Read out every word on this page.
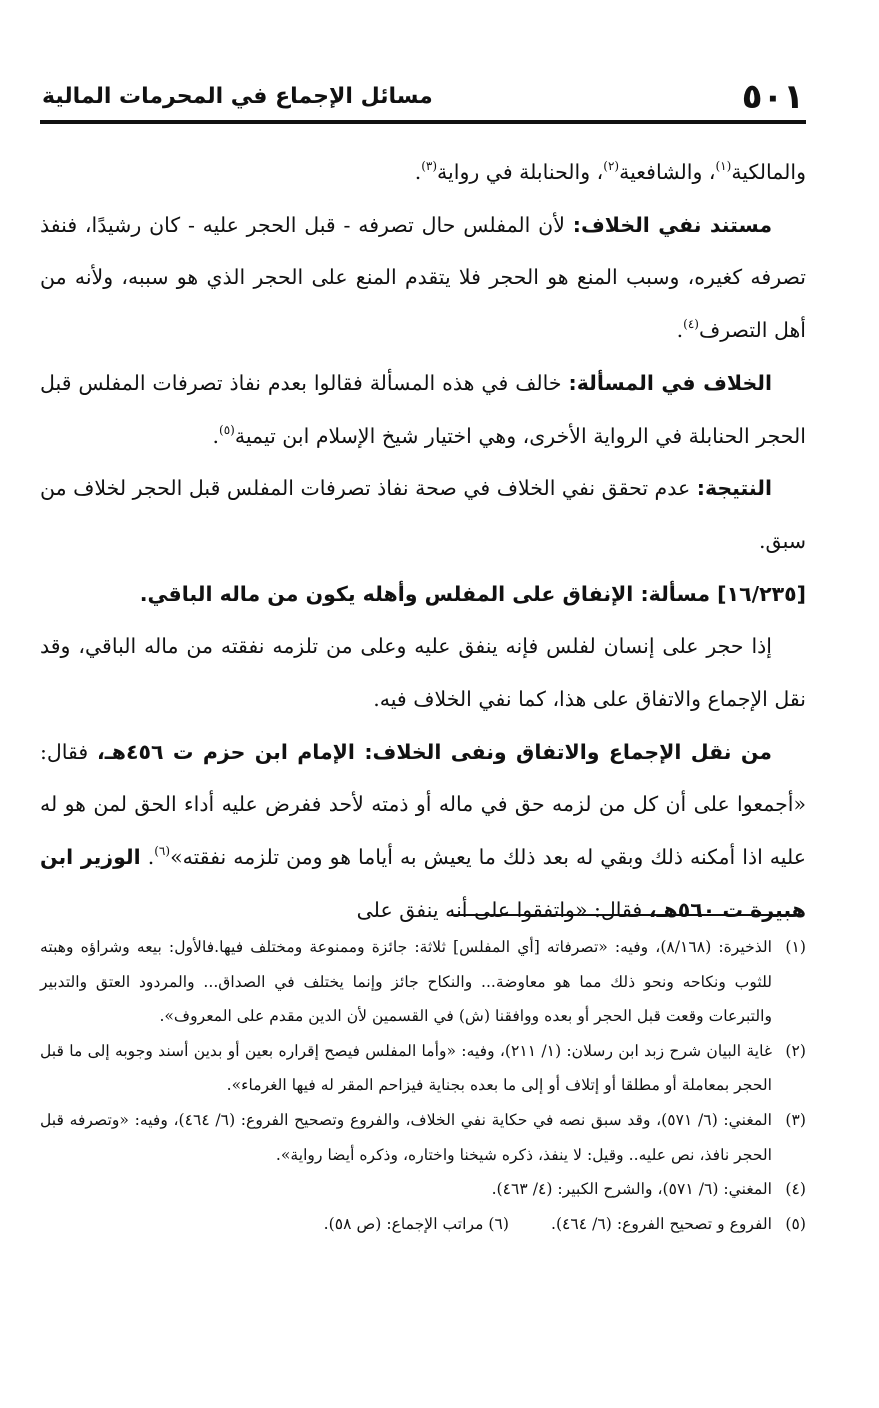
٥٠١
مسائل الإجماع في المحرمات المالية

والمالكية$^{(١)}$، والشافعية$^{(٢)}$، والحنابلة في رواية$^{(٣)}$.

مستند نفي الخلاف: لأن المفلس حال تصرفه - قبل الحجر عليه - كان رشيدًا، فنفذ تصرفه كغيره، وسبب المنع هو الحجر فلا يتقدم المنع على الحجر الذي هو سببه، ولأنه من أهل التصرف$^{(٤)}$.

الخلاف في المسألة: خالف في هذه المسألة فقالوا بعدم نفاذ تصرفات المفلس قبل الحجر الحنابلة في الرواية الأخرى، وهي اختيار شيخ الإسلام ابن تيمية$^{(٥)}$.

النتيجة: عدم تحقق نفي الخلاف في صحة نفاذ تصرفات المفلس قبل الحجر لخلاف من سبق.

[١٦/٢٣٥] مسألة: الإنفاق على المفلس وأهله يكون من ماله الباقي.

إذا حجر على إنسان لفلس فإنه ينفق عليه وعلى من تلزمه نفقته من ماله الباقي، وقد نقل الإجماع والاتفاق على هذا، كما نفي الخلاف فيه.

من نقل الإجماع والاتفاق ونفى الخلاف: الإمام ابن حزم ت ٤٥٦هـ، فقال: «أجمعوا على أن كل من لزمه حق في ماله أو ذمته لأحد ففرض عليه أداء الحق لمن هو له عليه اذا أمكنه ذلك وبقي له بعد ذلك ما يعيش به أياما هو ومن تلزمه نفقته»$^{(٦)}$. الوزير ابن هبيرة ت ٥٦٠هـ، فقال: «واتفقوا على أنه ينفق على

(١)
الذخيرة: (٨/١٦٨)، وفيه: «تصرفاته [أي المفلس] ثلاثة: جائزة وممنوعة ومختلف فيها.فالأول: بيعه وشراؤه وهبته للثوب ونكاحه ونحو ذلك مما هو معاوضة... والنكاح جائز وإنما يختلف في الصداق... والمردود العتق والتدبير والتبرعات وقعت قبل الحجر أو بعده ووافقنا (ش) في القسمين لأن الدين مقدم على المعروف».

(٢)
غاية البيان شرح زبد ابن رسلان: (١/ ٢١١)، وفيه: «وأما المفلس فيصح إقراره بعين أو بدين أسند وجوبه إلى ما قبل الحجر بمعاملة أو مطلقا أو إتلاف أو إلى ما بعده بجناية فيزاحم المقر له فيها الغرماء».

(٣)
المغني: (٦/ ٥٧١)، وقد سبق نصه في حكاية نفي الخلاف، والفروع وتصحيح الفروع: (٦/ ٤٦٤)، وفيه: «وتصرفه قبل الحجر نافذ، نص عليه.. وقيل: لا ينفذ، ذكره شيخنا واختاره، وذكره أيضا رواية».

(٤)
المغني: (٦/ ٥٧١)، والشرح الكبير: (٤/ ٤٦٣).

(٥)
الفروع و تصحيح الفروع: (٦/ ٤٦٤).(٦) مراتب الإجماع: (ص ٥٨).
